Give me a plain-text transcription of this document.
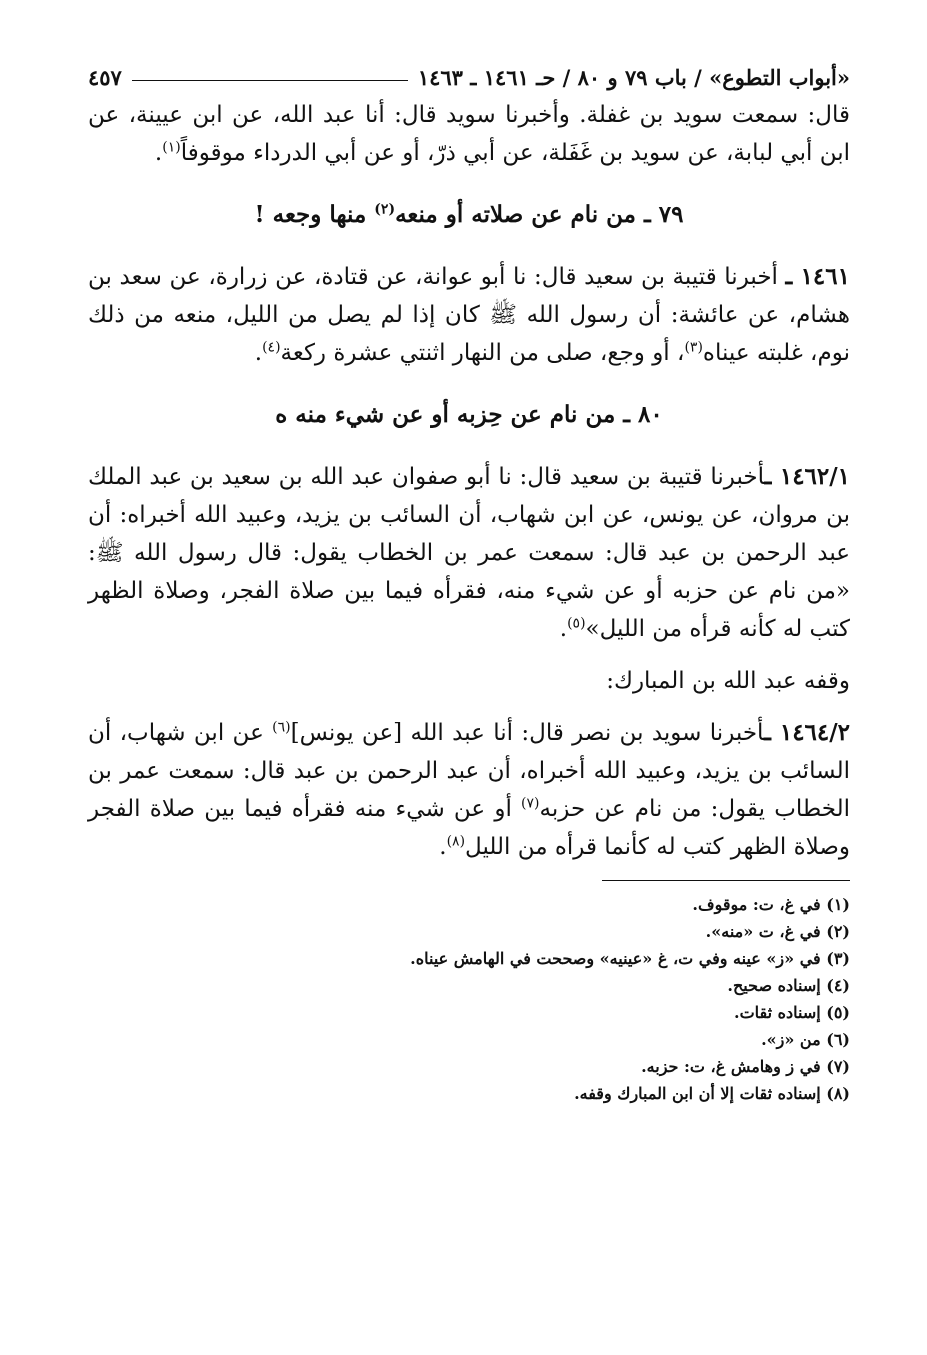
«أبواب التطوع» / باب ٧٩ و ٨٠ / حـ ١٤٦١ ـ ١٤٦٣
٤٥٧

قال: سمعت سويد بن غفلة. وأخبرنا سويد قال: أنا عبد الله، عن ابن عيينة، عن ابن أبي لبابة، عن سويد بن غَفَلة، عن أبي ذرّ، أو عن أبي الدرداء موقوفاً$^{(١)}$.

٧٩ ـ من نام عن صلاته أو منعه$^{(٢)}$ منها وجعه !

١٤٦١ ـ أخبرنا قتيبة بن سعيد قال: نا أبو عوانة، عن قتادة، عن زرارة، عن سعد بن هشام، عن عائشة: أن رسول الله ﷺ كان إذا لم يصل من الليل، منعه من ذلك نوم، غلبته عيناه$^{(٣)}$، أو وجع، صلى من النهار اثنتي عشرة ركعة$^{(٤)}$.

٨٠ ـ من نام عن حِزبه أو عن شيء منه ه

١٤٦٢/١ ـأخبرنا قتيبة بن سعيد قال: نا أبو صفوان عبد الله بن سعيد بن عبد الملك بن مروان، عن يونس، عن ابن شهاب، أن السائب بن يزيد، وعبيد الله أخبراه: أن عبد الرحمن بن عبد قال: سمعت عمر بن الخطاب يقول: قال رسول الله ﷺ: «من نام عن حزبه أو عن شيء منه، فقرأه فيما بين صلاة الفجر، وصلاة الظهر كتب له كأنه قرأه من الليل»$^{(٥)}$.

وقفه عبد الله بن المبارك:

١٤٦٤/٢ ـأخبرنا سويد بن نصر قال: أنا عبد الله [عن يونس]$^{(٦)}$ عن ابن شهاب، أن السائب بن يزيد، وعبيد الله أخبراه، أن عبد الرحمن بن عبد قال: سمعت عمر بن الخطاب يقول: من نام عن حزبه$^{(٧)}$ أو عن شيء منه فقرأه فيما بين صلاة الفجر وصلاة الظهر كتب له كأنما قرأه من الليل$^{(٨)}$.

(١) في غ، ت: موقوف.
(٢) في غ، ت «منه».
(٣) في «ز» عينه وفي ت، غ «عينيه» وصححت في الهامش عيناه.
(٤) إسناده صحيح.
(٥) إسناده ثقات.
(٦) من «ز».
(٧) في ز وهامش غ، ت: حزبه.
(٨) إسناده ثقات إلا أن ابن المبارك وقفه.
